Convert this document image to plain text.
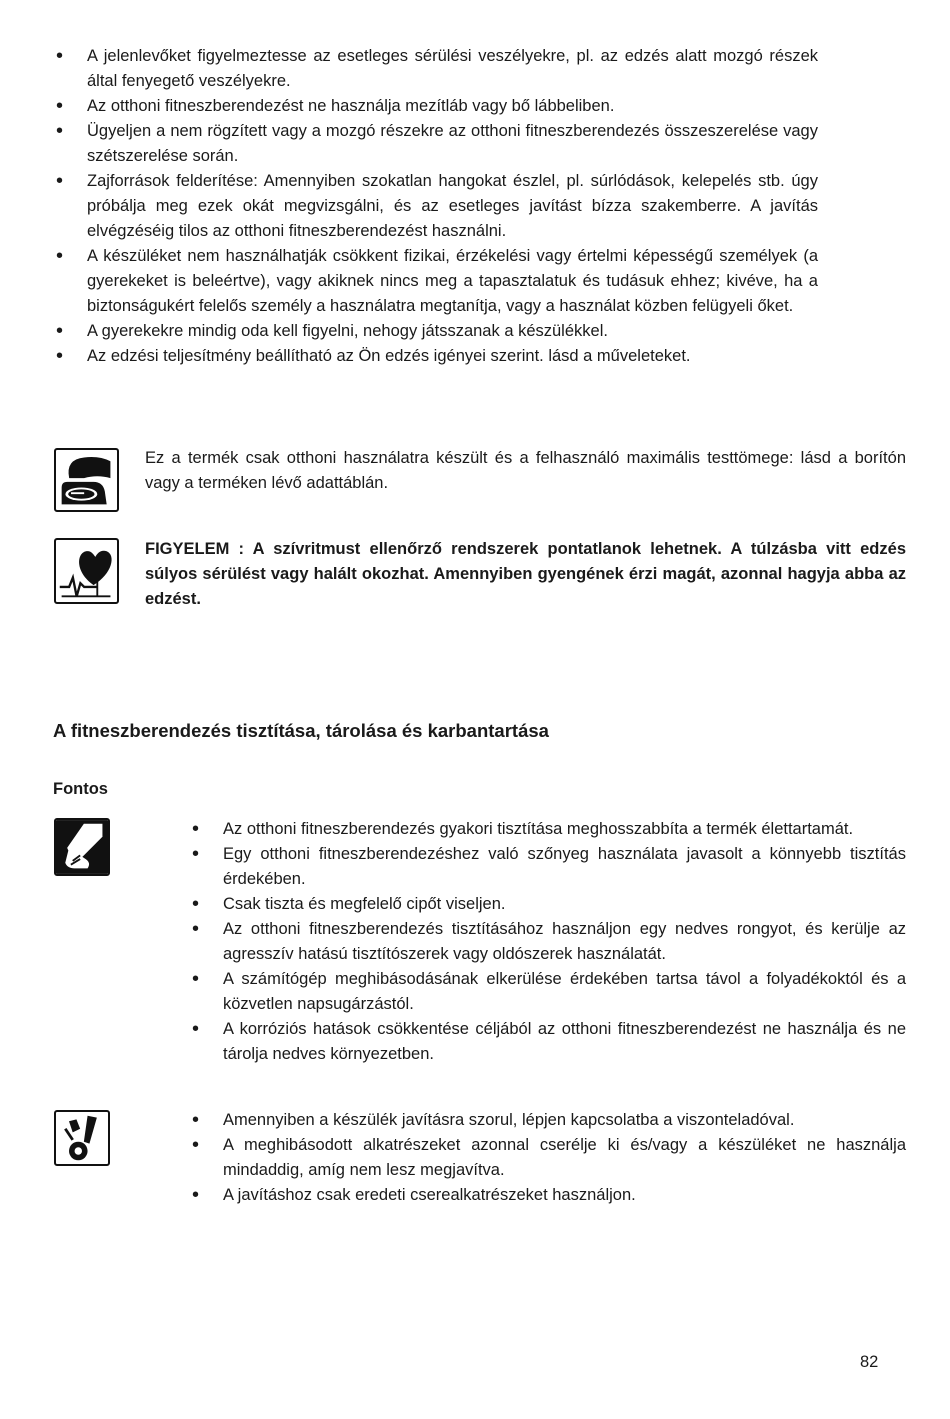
• A jelenlevőket figyelmeztesse az esetleges sérülési veszélyekre, pl. az edzés alatt mozgó részek által fenyegető veszélyekre.
• Az otthoni fitneszberendezést ne használja mezítláb vagy bő lábbeliben.
• Ügyeljen a nem rögzített vagy a mozgó részekre az otthoni fitneszberendezés összeszerelése vagy szétszerelése során.
• Zajforrások felderítése: Amennyiben szokatlan hangokat észlel, pl. súrlódások, kelepelés stb. úgy próbálja meg ezek okát megvizsgálni, és az esetleges javítást bízza szakemberre. A javítás elvégzéséig tilos az otthoni fitneszberendezést használni.
• A készüléket nem használhatják csökkent fizikai, érzékelési vagy értelmi képességű személyek (a gyerekeket is beleértve), vagy akiknek nincs meg a tapasztalatuk és tudásuk ehhez; kivéve, ha a biztonságukért felelős személy a használatra megtanítja, vagy a használat közben felügyeli őket.
• A gyerekekre mindig oda kell figyelni, nehogy játsszanak a készülékkel.
• Az edzési teljesítmény beállítható az Ön edzés igényei szerint. lásd a műveleteket.

Ez a termék csak otthoni használatra készült és a felhasználó maximális testtömege: lásd a borítón vagy a terméken lévő adattáblán.

FIGYELEM : A szívritmust ellenőrző rendszerek pontatlanok lehetnek. A túlzásba vitt edzés súlyos sérülést vagy halált okozhat. Amennyiben gyengének érzi magát, azonnal hagyja abba az edzést.

A fitneszberendezés tisztítása, tárolása és karbantartása
Fontos
• Az otthoni fitneszberendezés gyakori tisztítása meghosszabbíta a termék élettartamát.
• Egy otthoni fitneszberendezéshez való szőnyeg használata javasolt a könnyebb tisztítás érdekében.
• Csak tiszta és megfelelő cipőt viseljen.
• Az otthoni fitneszberendezés tisztításához használjon egy nedves rongyot, és kerülje az agresszív hatású tisztítószerek vagy oldószerek használatát.
• A számítógép meghibásodásának elkerülése érdekében tartsa távol a folyadékoktól és a közvetlen napsugárzástól.
• A korróziós hatások csökkentése céljából az otthoni fitneszberendezést ne használja és ne tárolja nedves környezetben.
• Amennyiben a készülék javításra szorul, lépjen kapcsolatba a viszonteladóval.
• A meghibásodott alkatrészeket azonnal cserélje ki és/vagy a készüléket ne használja mindaddig, amíg nem lesz megjavítva.
• A javításhoz csak eredeti cserealkatrészeket használjon.
82
